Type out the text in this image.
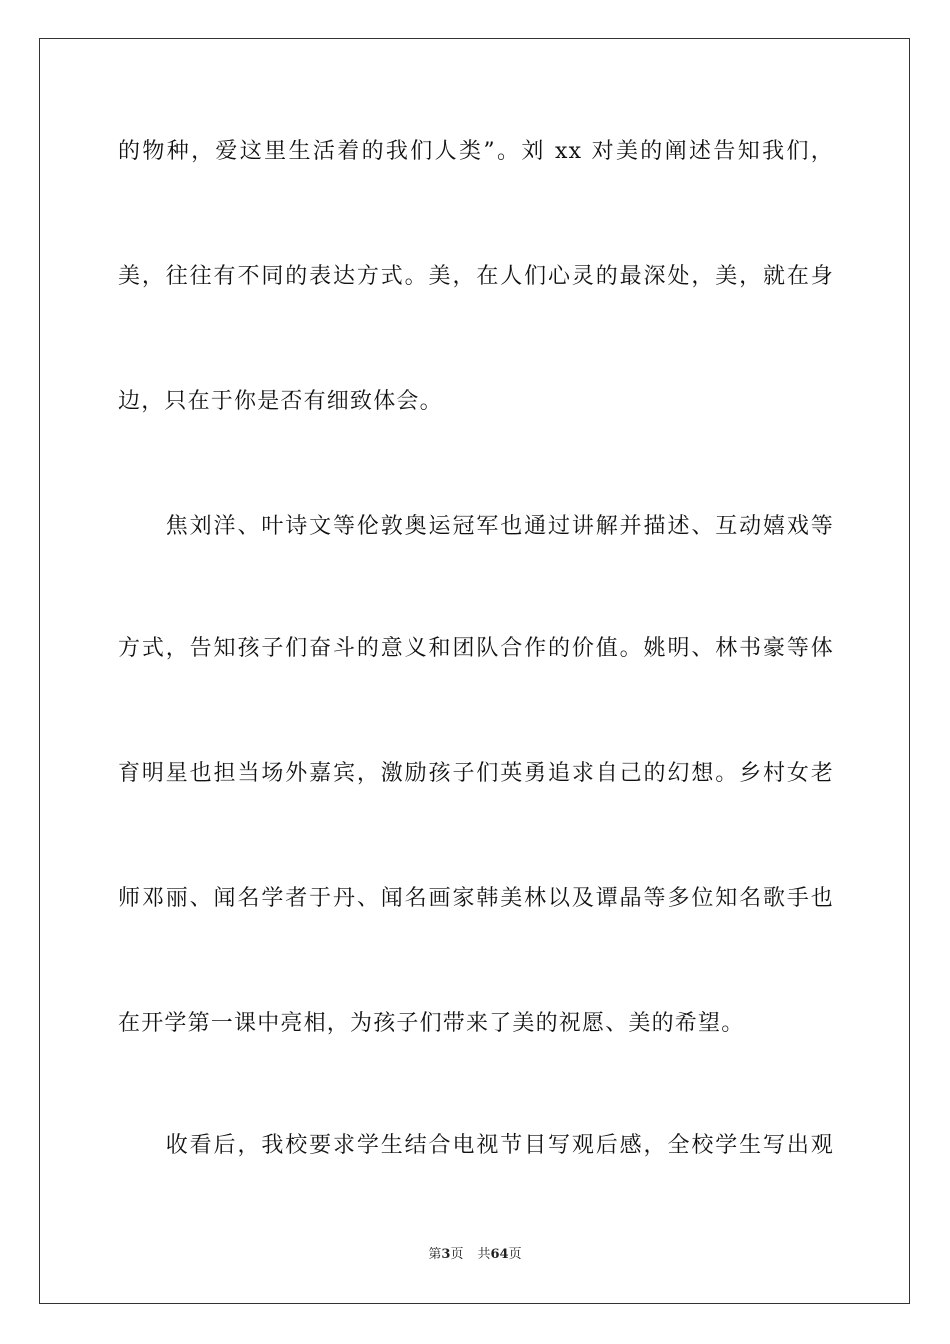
的物种，爱这里生活着的我们人类”。刘 xx 对美的阐述告知我们，
美，往往有不同的表达方式。美，在人们心灵的最深处，美，就在身
边，只在于你是否有细致体会。
　　焦刘洋、叶诗文等伦敦奥运冠军也通过讲解并描述、互动嬉戏等
方式，告知孩子们奋斗的意义和团队合作的价值。姚明、林书豪等体
育明星也担当场外嘉宾，激励孩子们英勇追求自己的幻想。乡村女老
师邓丽、闻名学者于丹、闻名画家韩美林以及谭晶等多位知名歌手也
在开学第一课中亮相，为孩子们带来了美的祝愿、美的希望。
　　收看后，我校要求学生结合电视节目写观后感，全校学生写出观
第3页 共64页
